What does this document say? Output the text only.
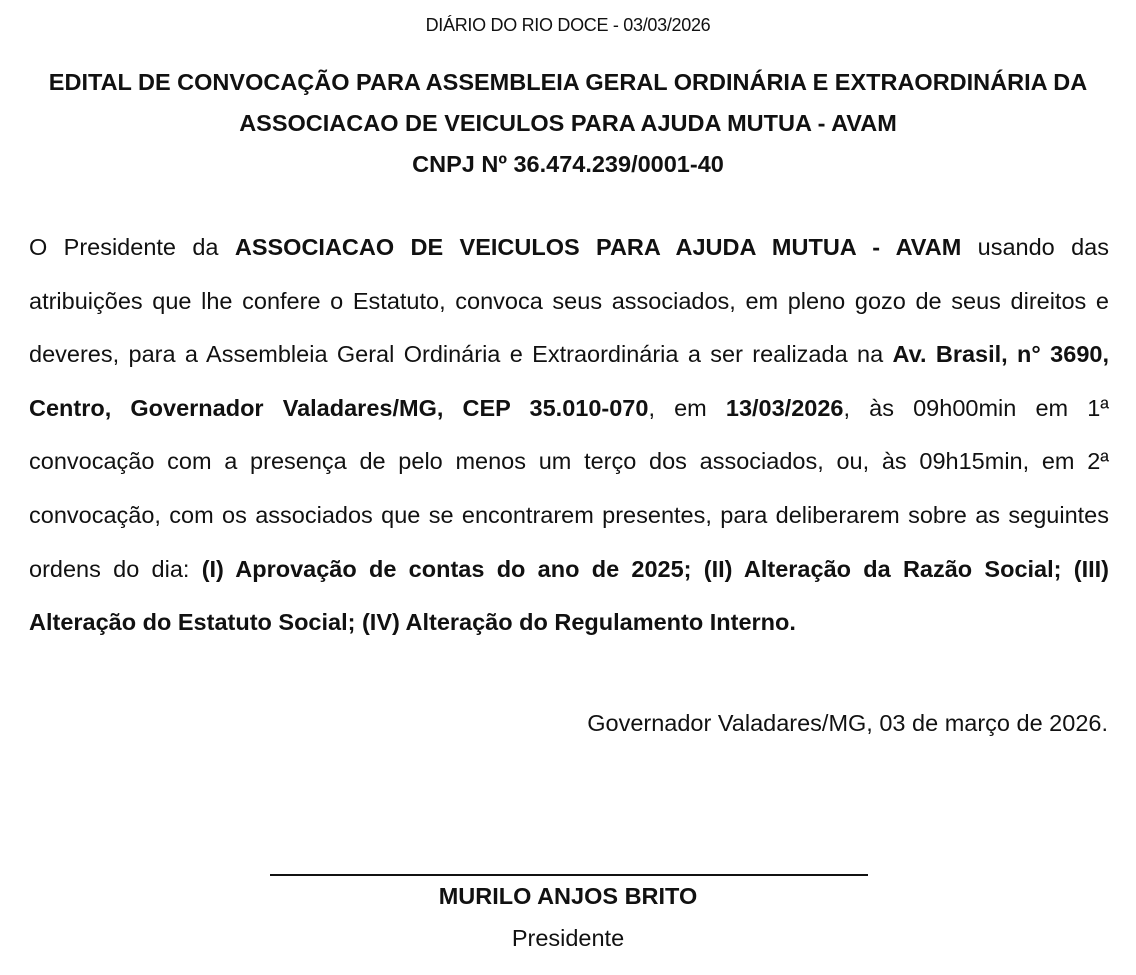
DIÁRIO DO RIO DOCE - 03/03/2026
EDITAL DE CONVOCAÇÃO PARA ASSEMBLEIA GERAL ORDINÁRIA E EXTRAORDINÁRIA DA
ASSOCIACAO DE VEICULOS PARA AJUDA MUTUA - AVAM
CNPJ Nº 36.474.239/0001-40
O Presidente da ASSOCIACAO DE VEICULOS PARA AJUDA MUTUA - AVAM usando das atribuições que lhe confere o Estatuto, convoca seus associados, em pleno gozo de seus direitos e deveres, para a Assembleia Geral Ordinária e Extraordinária a ser realizada na Av. Brasil, n° 3690, Centro, Governador Valadares/MG, CEP 35.010-070, em 13/03/2026, às 09h00min em 1ª convocação com a presença de pelo menos um terço dos associados, ou, às 09h15min, em 2ª convocação, com os associados que se encontrarem presentes, para deliberarem sobre as seguintes ordens do dia: (I) Aprovação de contas do ano de 2025; (II) Alteração da Razão Social; (III) Alteração do Estatuto Social; (IV) Alteração do Regulamento Interno.
Governador Valadares/MG, 03 de março de 2026.
MURILO ANJOS BRITO
Presidente
